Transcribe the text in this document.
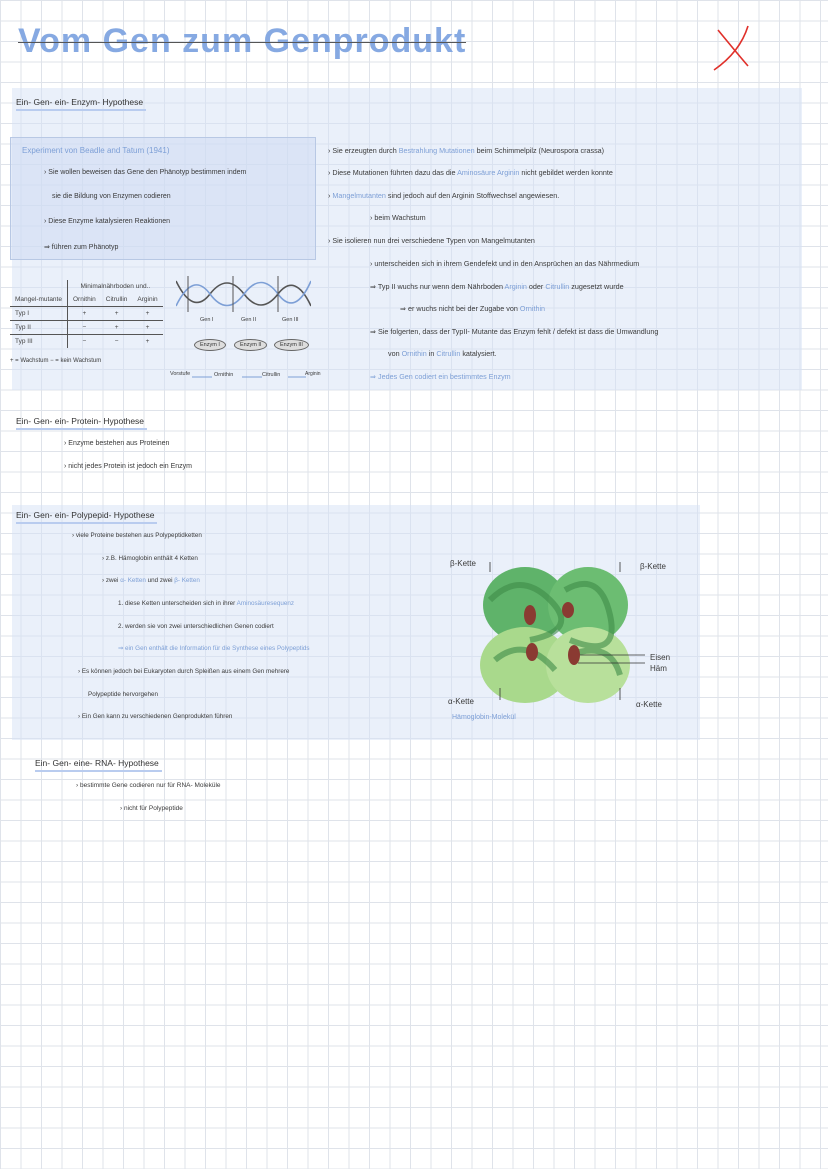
Vom Gen zum Genprodukt
Ein- Gen- ein- Enzym- Hypothese
Experiment von Beadle and Tatum (1941)
› Sie wollen beweisen das Gene den Phänotyp bestimmen indem
sie die Bildung von Enzymen codieren
› Diese Enzyme katalysieren Reaktionen
⇒ führen zum Phänotyp
	Minimalnährboden und..		
Mangel-mutante	Ornithin	Citrullin	Arginin
Typ I	+	+	+
Typ II	−	+	+
Typ III	−	−	+
+ = Wachstum − = kein Wachstum
Gen I	Gen II	Gen III
Enzym I	Enzym II	Enzym III
Vorstufe	Ornithin	Citrullin	Arginin
› Sie erzeugten durch Bestrahlung Mutationen beim Schimmelpilz (Neurospora crassa)
› Diese Mutationen führten dazu das die Aminosäure Arginin nicht gebildet werden konnte
› Mangelmutanten sind jedoch auf den Arginin Stoffwechsel angewiesen.
› beim Wachstum
› Sie isolieren nun drei verschiedene Typen von Mangelmutanten
› unterscheiden sich in ihrem Gendefekt und in den Ansprüchen an das Nährmedium
⇒ Typ II wuchs nur wenn dem Nährboden Arginin oder Citrullin zugesetzt wurde
⇒ er wuchs nicht bei der Zugabe von Ornithin
⇒ Sie folgerten, dass der TypII- Mutante das Enzym fehlt / defekt ist dass die Umwandlung
von Ornithin in Citrullin katalysiert.
⇒ Jedes Gen codiert ein bestimmtes Enzym
Ein- Gen- ein- Protein- Hypothese
› Enzyme bestehen aus Proteinen
› nicht jedes Protein ist jedoch ein Enzym
Ein- Gen- ein- Polypepid- Hypothese
› viele Proteine bestehen aus Polypeptidketten
› z.B. Hämoglobin enthält 4 Ketten
› zwei α- Ketten und zwei β- Ketten
1. diese Ketten unterscheiden sich in ihrer Aminosäuresequenz
2. werden sie von zwei unterschiedlichen Genen codiert
⇒ ein Gen enthält die Information für die Synthese eines Polypeptids
› Es können jedoch bei Eukaryoten durch Spleißen aus einem Gen mehrere
Polypeptide hervorgehen
› Ein Gen kann zu verschiedenen Genprodukten führen
β-Kette	β-Kette
Eisen
Häm
α-Kette	α-Kette
Hämoglobin-Molekül
Ein- Gen- eine- RNA- Hypothese
› bestimmte Gene codieren nur für RNA- Moleküle
› nicht für Polypeptide
